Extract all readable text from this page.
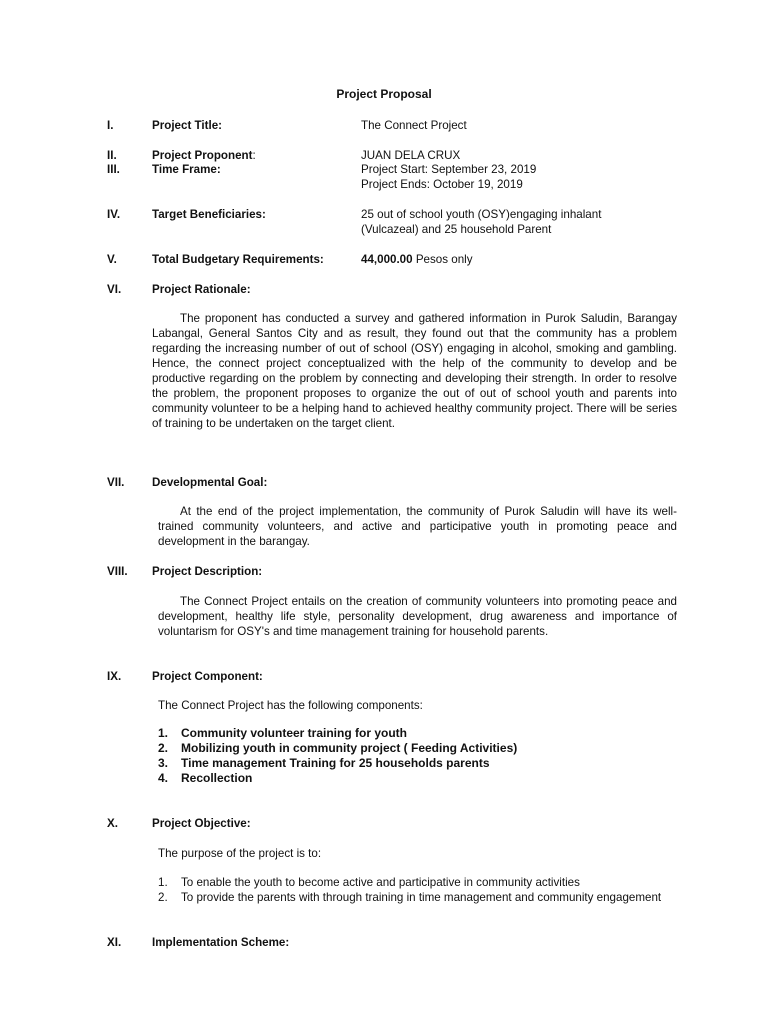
Project Proposal
I.	Project Title:	The Connect Project
II.	Project Proponent:	JUAN DELA CRUX
III.	Time Frame:	Project Start: September 23, 2019
Project Ends: October 19, 2019
IV.	Target Beneficiaries:	25 out of school youth (OSY)engaging inhalant
(Vulcazeal) and 25 household Parent
V.	Total Budgetary Requirements:	44,000.00 Pesos only
VI.	Project Rationale:
The proponent has conducted a survey and gathered information in Purok Saludin, Barangay Labangal, General Santos City and as result, they found out that the community has a problem regarding the increasing number of out of school (OSY) engaging in alcohol, smoking and gambling. Hence, the connect project conceptualized with the help of the community to develop and be productive regarding on the problem by connecting and developing their strength. In order to resolve the problem, the proponent proposes to organize the out of out of school youth and parents into community volunteer to be a helping hand to achieved healthy community project. There will be series of training to be undertaken on the target client.
VII. Developmental Goal:
At the end of the project implementation, the community of Purok Saludin will have its well-trained community volunteers, and active and participative youth in promoting peace and development in the barangay.
VIII. Project Description:
The Connect Project entails on the creation of community volunteers into promoting peace and development, healthy life style, personality development, drug awareness and importance of voluntarism for OSY's and time management training for household parents.
IX.	Project Component:
The Connect Project has the following components:
1.	Community volunteer training for youth
2.	Mobilizing youth in community project ( Feeding Activities)
3.	Time management Training for 25 households parents
4.	Recollection
X.	Project Objective:
The purpose of the project is to:
1.	To enable the youth to become active and participative in community activities
2.	To provide the parents with through training in time management and community engagement
XI.	Implementation Scheme:
